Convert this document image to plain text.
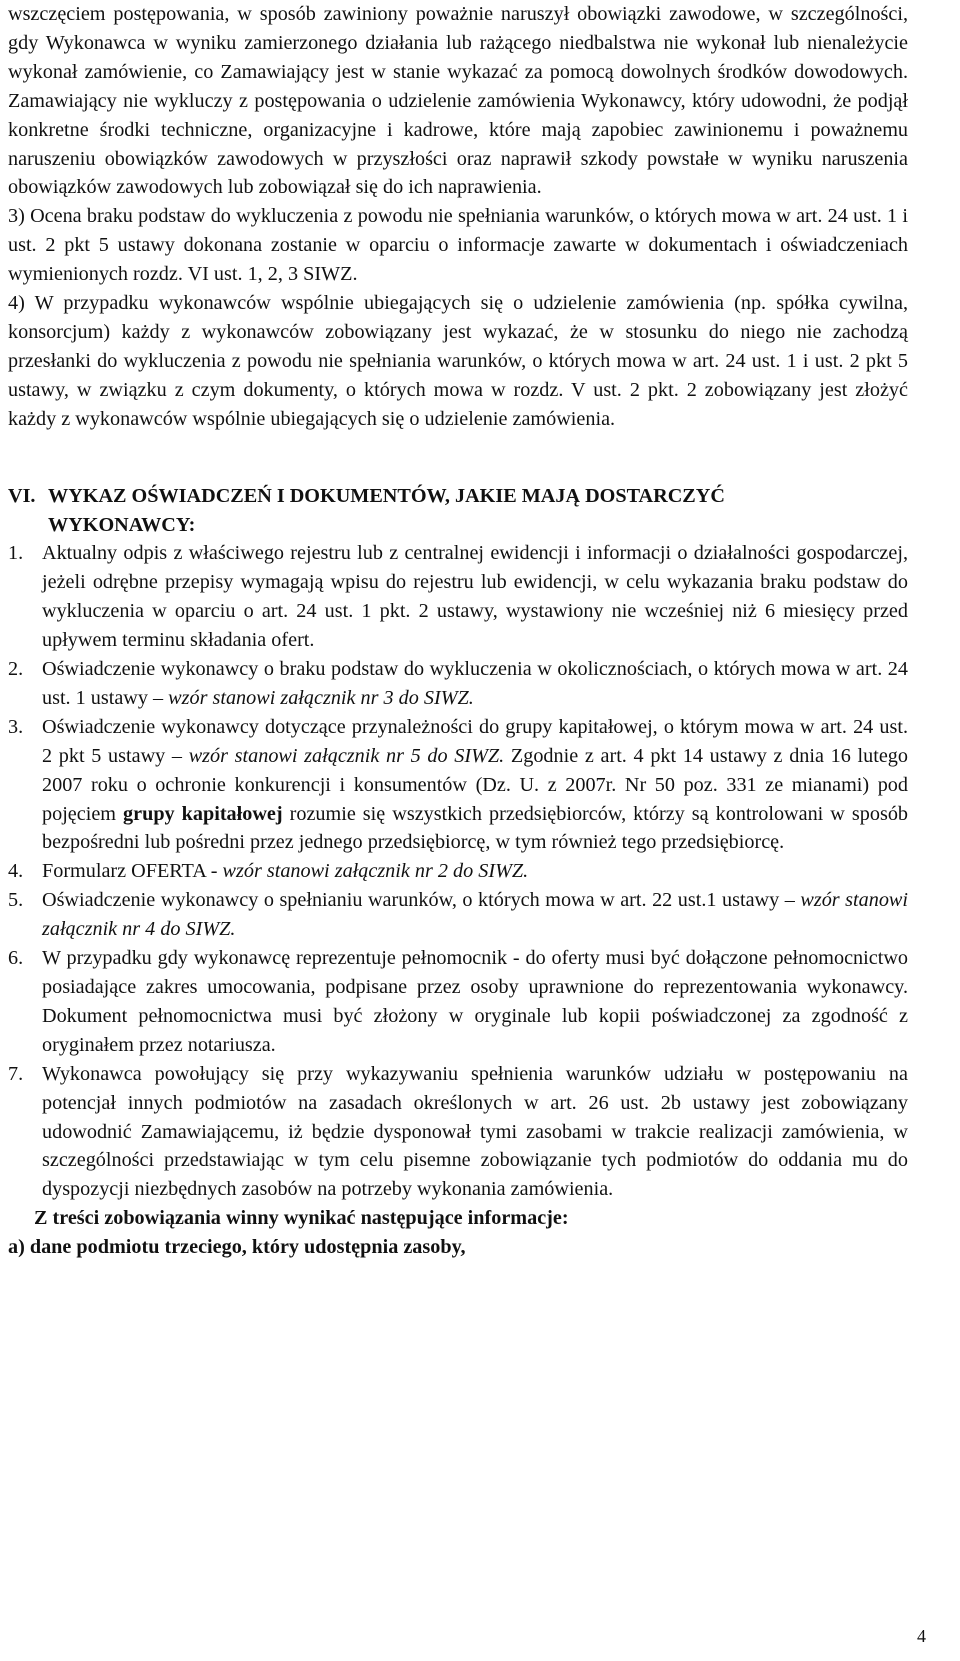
wszczęciem postępowania, w sposób zawiniony poważnie naruszył obowiązki zawodowe, w szczególności, gdy Wykonawca w wyniku zamierzonego działania lub rażącego niedbalstwa nie wykonał lub nienależycie wykonał zamówienie, co Zamawiający jest w stanie wykazać za pomocą dowolnych środków dowodowych. Zamawiający nie wykluczy z postępowania o udzielenie zamówienia Wykonawcy, który udowodni, że podjął konkretne środki techniczne, organizacyjne i kadrowe, które mają zapobiec zawinionemu i poważnemu naruszeniu obowiązków zawodowych w przyszłości oraz naprawił szkody powstałe w wyniku naruszenia obowiązków zawodowych lub zobowiązał się do ich naprawienia.

3) Ocena braku podstaw do wykluczenia z powodu nie spełniania warunków, o których mowa w art. 24 ust. 1 i ust. 2 pkt 5 ustawy dokonana zostanie w oparciu o informacje zawarte w dokumentach i oświadczeniach wymienionych rozdz. VI ust. 1, 2, 3 SIWZ.

4) W przypadku wykonawców wspólnie ubiegających się o udzielenie zamówienia (np. spółka cywilna, konsorcjum) każdy z wykonawców zobowiązany jest wykazać, że w stosunku do niego nie zachodzą przesłanki do wykluczenia z powodu nie spełniania warunków, o których mowa w art. 24 ust. 1 i ust. 2 pkt 5 ustawy, w związku z czym dokumenty, o których mowa w rozdz. V ust. 2 pkt. 2 zobowiązany jest złożyć każdy z wykonawców wspólnie ubiegających się o udzielenie zamówienia.

VI. WYKAZ OŚWIADCZEŃ I DOKUMENTÓW, JAKIE MAJĄ DOSTARCZYĆ
WYKONAWCY:
1. Aktualny odpis z właściwego rejestru lub z centralnej ewidencji i informacji o działalności gospodarczej, jeżeli odrębne przepisy wymagają wpisu do rejestru lub ewidencji, w celu wykazania braku podstaw do wykluczenia w oparciu o art. 24 ust. 1 pkt. 2 ustawy, wystawiony nie wcześniej niż 6 miesięcy przed upływem terminu składania ofert.
2. Oświadczenie wykonawcy o braku podstaw do wykluczenia w okolicznościach, o których mowa w art. 24 ust. 1 ustawy – wzór stanowi załącznik nr 3 do SIWZ.
3. Oświadczenie wykonawcy dotyczące przynależności do grupy kapitałowej, o którym mowa w art. 24 ust. 2 pkt 5 ustawy – wzór stanowi załącznik nr 5 do SIWZ. Zgodnie z art. 4 pkt 14 ustawy z dnia 16 lutego 2007 roku o ochronie konkurencji i konsumentów (Dz. U. z 2007r. Nr 50 poz. 331 ze mianami) pod pojęciem grupy kapitałowej rozumie się wszystkich przedsiębiorców, którzy są kontrolowani w sposób bezpośredni lub pośredni przez jednego przedsiębiorcę, w tym również tego przedsiębiorcę.
4. Formularz OFERTA - wzór stanowi załącznik nr 2 do SIWZ.
5. Oświadczenie wykonawcy o spełnianiu warunków, o których mowa w art. 22 ust.1 ustawy – wzór stanowi załącznik nr 4 do SIWZ.
6. W przypadku gdy wykonawcę reprezentuje pełnomocnik - do oferty musi być dołączone pełnomocnictwo posiadające zakres umocowania, podpisane przez osoby uprawnione do reprezentowania wykonawcy. Dokument pełnomocnictwa musi być złożony w oryginale lub kopii poświadczonej za zgodność z oryginałem przez notariusza.
7. Wykonawca powołujący się przy wykazywaniu spełnienia warunków udziału w postępowaniu na potencjał innych podmiotów na zasadach określonych w art. 26 ust. 2b ustawy jest zobowiązany udowodnić Zamawiającemu, iż będzie dysponował tymi zasobami w trakcie realizacji zamówienia, w szczególności przedstawiając w tym celu pisemne zobowiązanie tych podmiotów do oddania mu do dyspozycji niezbędnych zasobów na potrzeby wykonania zamówienia.

Z treści zobowiązania winny wynikać następujące informacje:

a) dane podmiotu trzeciego, który udostępnia zasoby,

4
